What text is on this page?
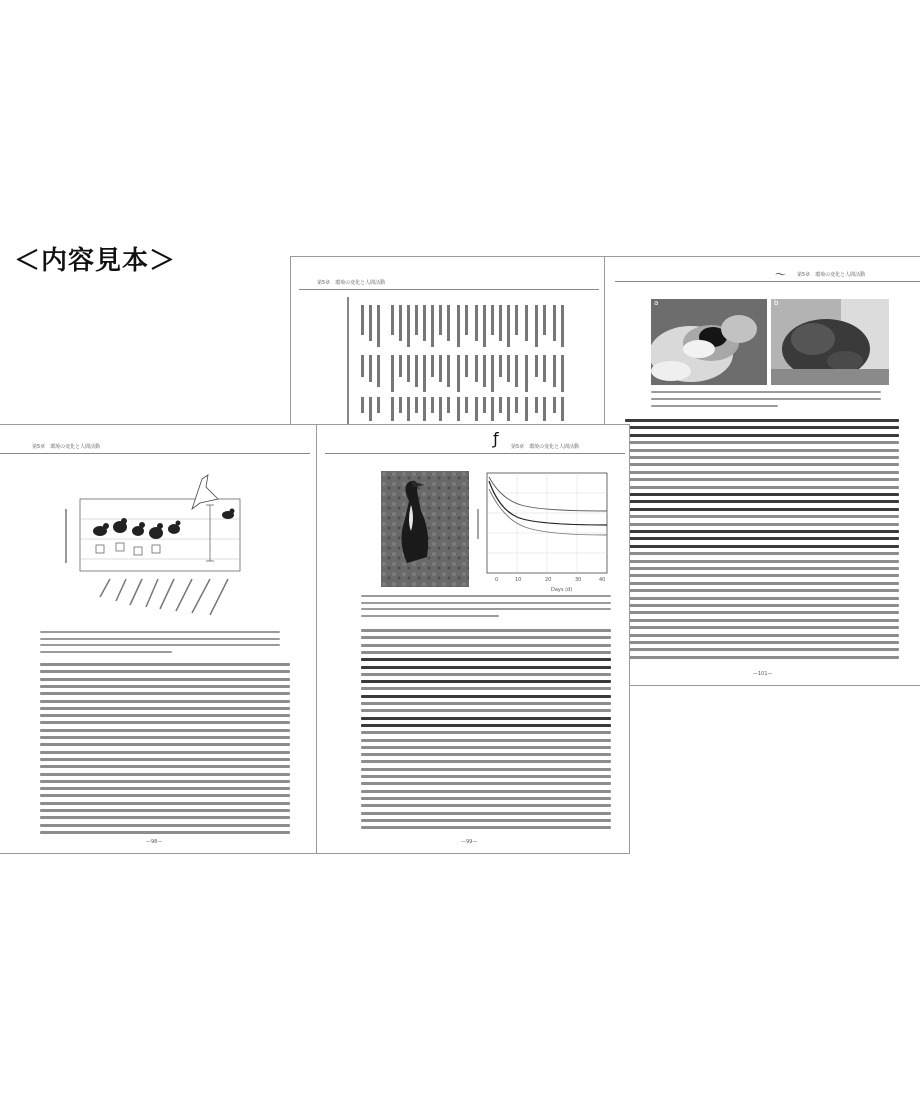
＜内容見本＞
第5章　環境の変化と人間活動
〜 第5章　環境の変化と人間活動
a	b
—101—
第5章　環境の変化と人間活動
—98—
ƒ 第5章　環境の変化と人間活動
0	10	20	30	40
Days (d)
—99—
